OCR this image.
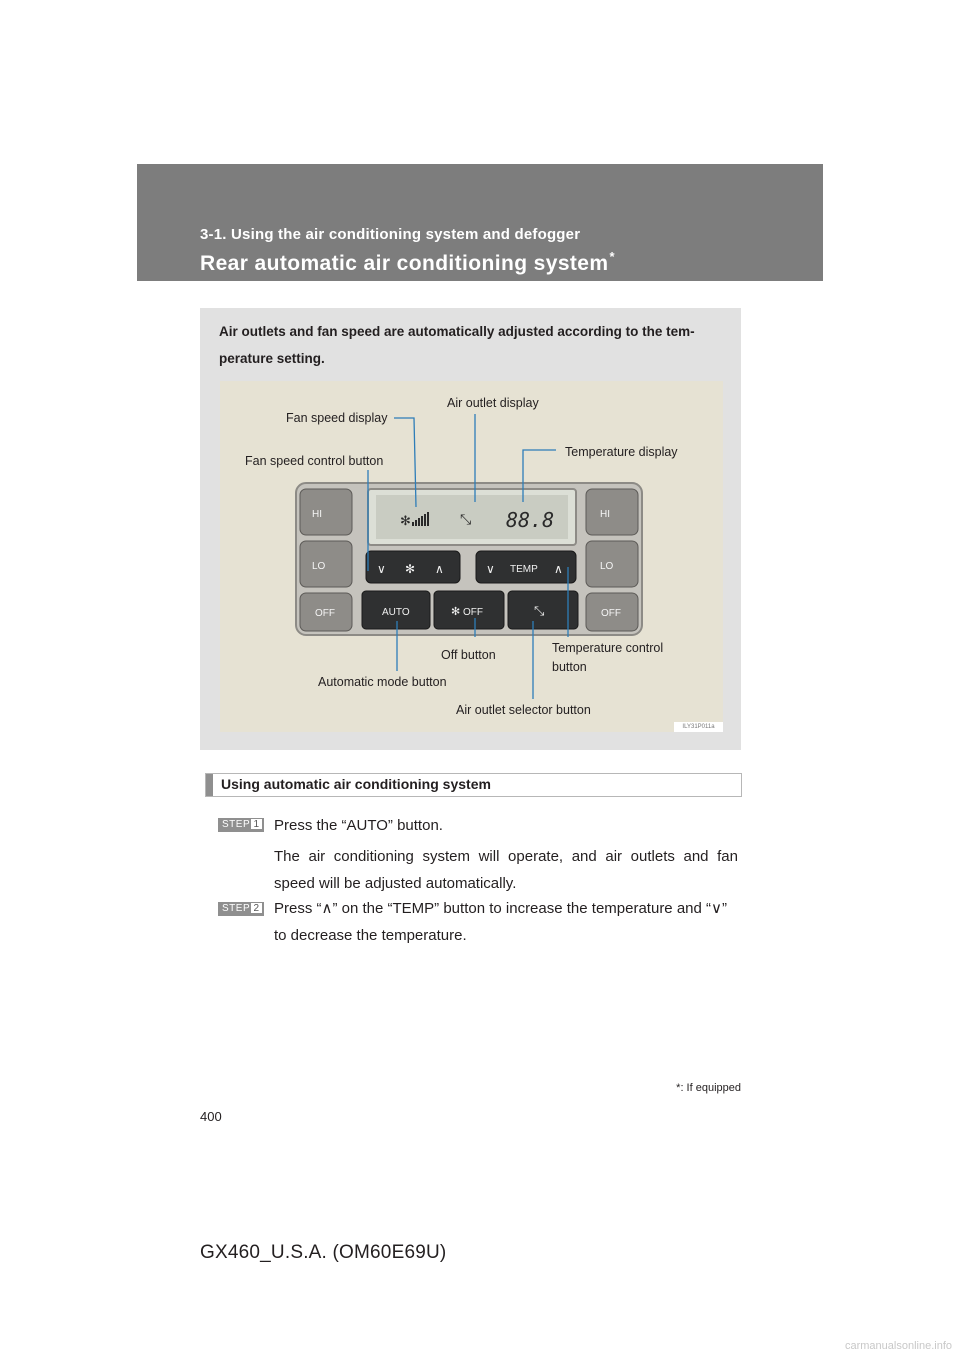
3-1. Using the air conditioning system and defogger
Rear automatic air conditioning system*
Air outlets and fan speed are automatically adjusted according to the tem-perature setting.
✻	⤡ 88.8
∨ ✻ ∧	∨ TEMP ∧
AUTO	✻ OFF	⤡
HI
LO
OFF
HI
LO
OFF
Fan speed display
Air outlet display
Temperature display
Fan speed control button
Off button	Temperature control button
Automatic mode button
Air outlet selector button
ILY31P011a
Using automatic air conditioning system
STEP 1 Press the “AUTO” button.
The air conditioning system will operate, and air outlets and fan speed will be adjusted automatically.
STEP 2 Press “∧” on the “TEMP” button to increase the temperature and “∨” to decrease the temperature.
*: If equipped
400
GX460_U.S.A. (OM60E69U)
carmanualsonline.info
